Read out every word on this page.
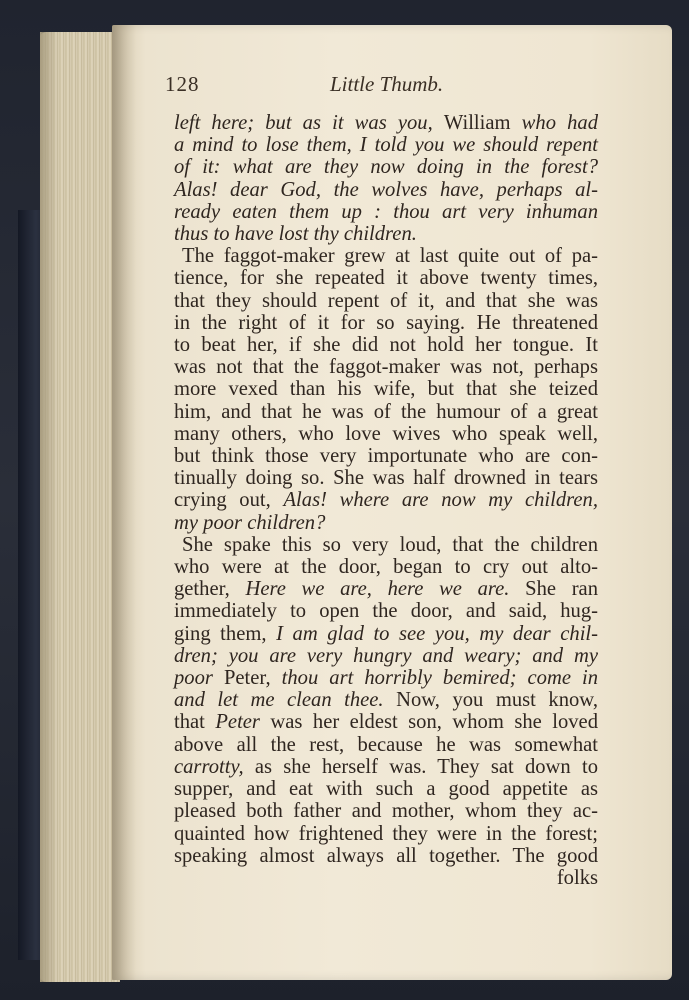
128	Little Thumb.
left here; but as it was you, William who had
a mind to lose them, I told you we should repent
of it: what are they now doing in the forest?
Alas! dear God, the wolves have, perhaps al-
ready eaten them up : thou art very inhuman
thus to have lost thy children.
The faggot-maker grew at last quite out of pa-
tience, for she repeated it above twenty times,
that they should repent of it, and that she was
in the right of it for so saying. He threatened
to beat her, if she did not hold her tongue. It
was not that the faggot-maker was not, perhaps
more vexed than his wife, but that she teized
him, and that he was of the humour of a great
many others, who love wives who speak well,
but think those very importunate who are con-
tinually doing so. She was half drowned in tears
crying out, Alas! where are now my children,
my poor children?
She spake this so very loud, that the children
who were at the door, began to cry out alto-
gether, Here we are, here we are. She ran
immediately to open the door, and said, hug-
ging them, I am glad to see you, my dear chil-
dren; you are very hungry and weary; and my
poor Peter, thou art horribly bemired; come in
and let me clean thee. Now, you must know,
that Peter was her eldest son, whom she loved
above all the rest, because he was somewhat
carrotty, as she herself was. They sat down to
supper, and eat with such a good appetite as
pleased both father and mother, whom they ac-
quainted how frightened they were in the forest;
speaking almost always all together. The good
folks
